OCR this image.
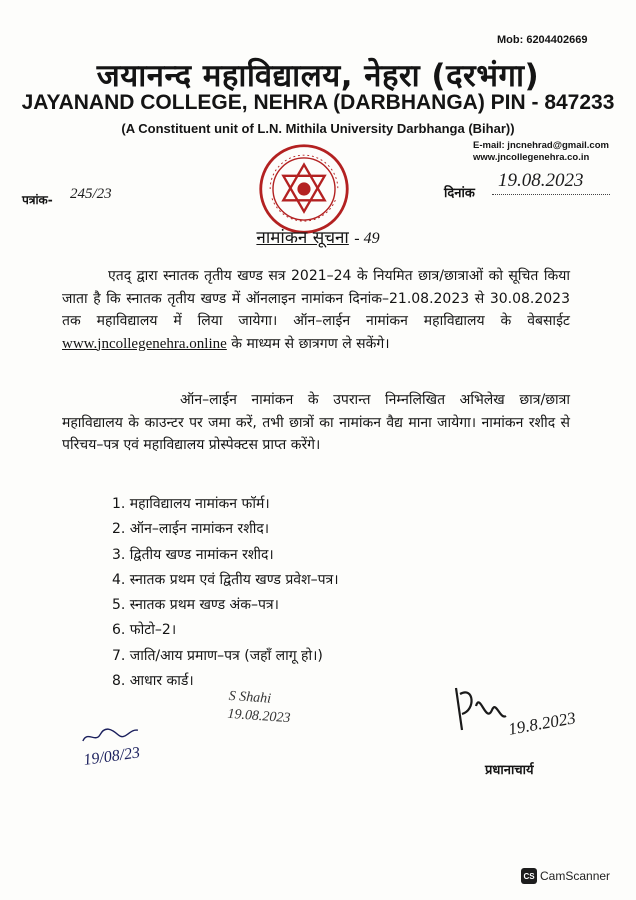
Mob: 6204402669
जयानन्द महाविद्यालय, नेहरा (दरभंगा)
JAYANAND COLLEGE, NEHRA (DARBHANGA) PIN - 847233
(A Constituent unit of L.N. Mithila University Darbhanga (Bihar))
E-mail: jncnehrad@gmail.com
www.jncollegenehra.co.in
पत्रांक- 245/23	दिनांक
19.08.2023
नामांकन सूचना - 49
एतद् द्वारा स्नातक तृतीय खण्ड सत्र 2021–24 के नियमित छात्र/छात्राओं को सूचित किया जाता है कि स्नातक तृतीय खण्ड में ऑनलाइन नामांकन दिनांक–21.08.2023 से 30.08.2023 तक महाविद्यालय में लिया जायेगा। ऑन–लाईन नामांकन महाविद्यालय के वेबसाईट www.jncollegenehra.online के माध्यम से छात्रगण ले सकेंगे।
ऑन–लाईन नामांकन के उपरान्त निम्नलिखित अभिलेख छात्र/छात्रा महाविद्यालय के काउन्टर पर जमा करें, तभी छात्रों का नामांकन वैद्य माना जायेगा। नामांकन रशीद से परिचय–पत्र एवं महाविद्यालय प्रोस्पेक्टस प्राप्त करेंगे।
1. महाविद्यालय नामांकन फॉर्म।
2. ऑन–लाईन नामांकन रशीद।
3. द्वितीय खण्ड नामांकन रशीद।
4. स्नातक प्रथम एवं द्वितीय खण्ड प्रवेश–पत्र।
5. स्नातक प्रथम खण्ड अंक–पत्र।
6. फोटो–2।
7. जाति/आय प्रमाण–पत्र (जहाँ लागू हो।)
8. आधार कार्ड।
S Shahi
19.08.2023
19/08/23
19.8.2023
प्रधानाचार्य
CS CamScanner
